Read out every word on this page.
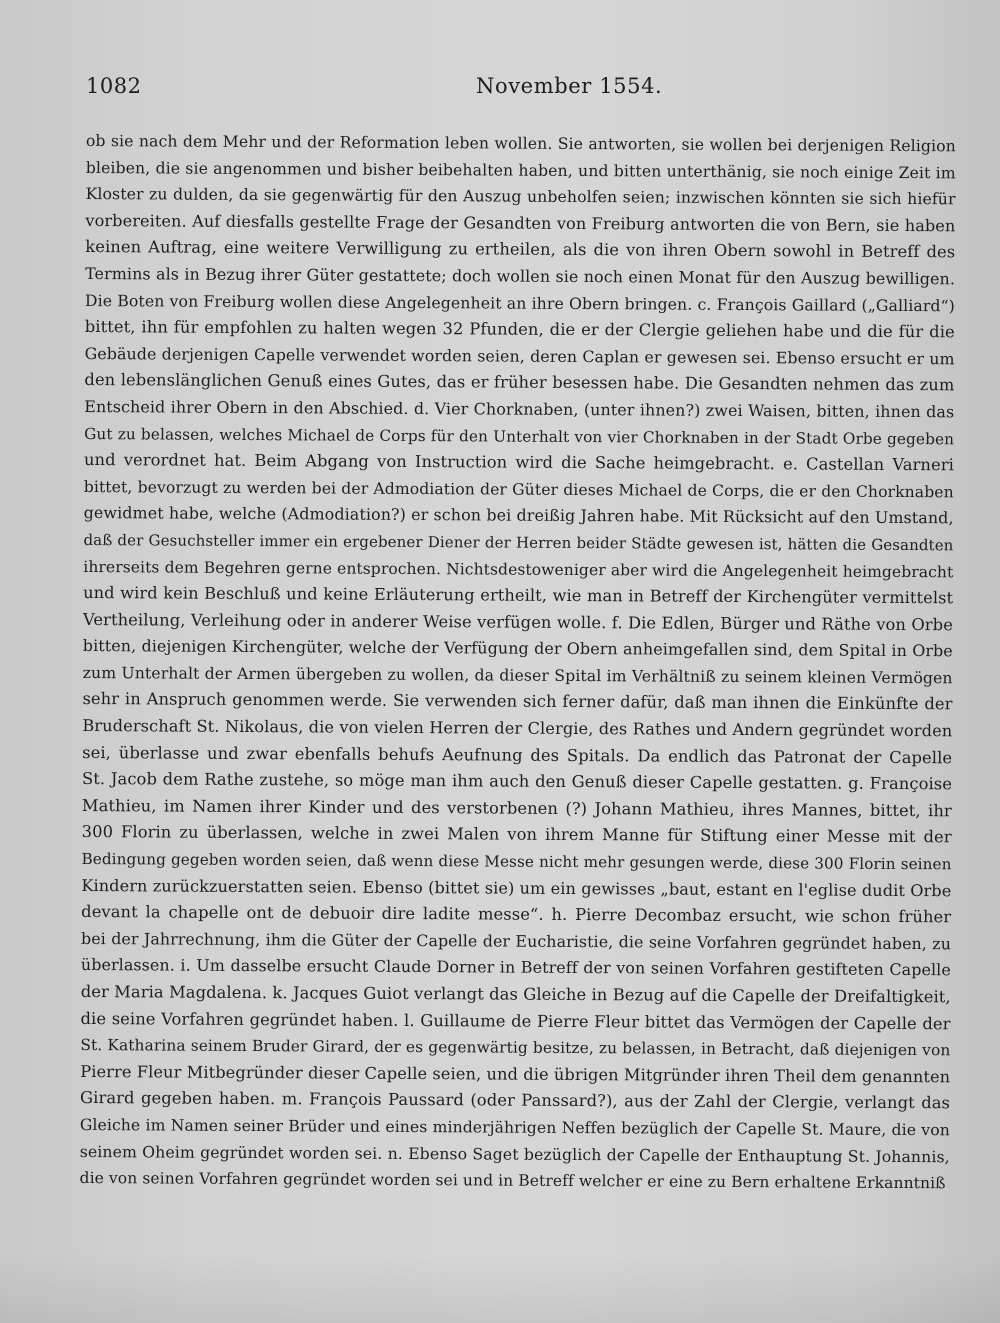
1082	November 1554.
ob sie nach dem Mehr und der Reformation leben wollen. Sie antworten, sie wollen bei derjenigen Religion
bleiben, die sie angenommen und bisher beibehalten haben, und bitten unterthänig, sie noch einige Zeit im
Kloster zu dulden, da sie gegenwärtig für den Auszug unbeholfen seien; inzwischen könnten sie sich hiefür
vorbereiten. Auf diesfalls gestellte Frage der Gesandten von Freiburg antworten die von Bern, sie haben
keinen Auftrag, eine weitere Verwilligung zu ertheilen, als die von ihren Obern sowohl in Betreff des
Termins als in Bezug ihrer Güter gestattete; doch wollen sie noch einen Monat für den Auszug bewilligen.
Die Boten von Freiburg wollen diese Angelegenheit an ihre Obern bringen. c. François Gaillard („Galliard“)
bittet, ihn für empfohlen zu halten wegen 32 Pfunden, die er der Clergie geliehen habe und die für die
Gebäude derjenigen Capelle verwendet worden seien, deren Caplan er gewesen sei. Ebenso ersucht er um
den lebenslänglichen Genuß eines Gutes, das er früher besessen habe. Die Gesandten nehmen das zum
Entscheid ihrer Obern in den Abschied. d. Vier Chorknaben, (unter ihnen?) zwei Waisen, bitten, ihnen das
Gut zu belassen, welches Michael de Corps für den Unterhalt von vier Chorknaben in der Stadt Orbe gegeben
und verordnet hat. Beim Abgang von Instruction wird die Sache heimgebracht. e. Castellan Varneri
bittet, bevorzugt zu werden bei der Admodiation der Güter dieses Michael de Corps, die er den Chorknaben
gewidmet habe, welche (Admodiation?) er schon bei dreißig Jahren habe. Mit Rücksicht auf den Umstand,
daß der Gesuchsteller immer ein ergebener Diener der Herren beider Städte gewesen ist, hätten die Gesandten
ihrerseits dem Begehren gerne entsprochen. Nichtsdestoweniger aber wird die Angelegenheit heimgebracht
und wird kein Beschluß und keine Erläuterung ertheilt, wie man in Betreff der Kirchengüter vermittelst
Vertheilung, Verleihung oder in anderer Weise verfügen wolle. f. Die Edlen, Bürger und Räthe von Orbe
bitten, diejenigen Kirchengüter, welche der Verfügung der Obern anheimgefallen sind, dem Spital in Orbe
zum Unterhalt der Armen übergeben zu wollen, da dieser Spital im Verhältniß zu seinem kleinen Vermögen
sehr in Anspruch genommen werde. Sie verwenden sich ferner dafür, daß man ihnen die Einkünfte der
Bruderschaft St. Nikolaus, die von vielen Herren der Clergie, des Rathes und Andern gegründet worden
sei, überlasse und zwar ebenfalls behufs Aeufnung des Spitals. Da endlich das Patronat der Capelle
St. Jacob dem Rathe zustehe, so möge man ihm auch den Genuß dieser Capelle gestatten. g. Françoise
Mathieu, im Namen ihrer Kinder und des verstorbenen (?) Johann Mathieu, ihres Mannes, bittet, ihr
300 Florin zu überlassen, welche in zwei Malen von ihrem Manne für Stiftung einer Messe mit der
Bedingung gegeben worden seien, daß wenn diese Messe nicht mehr gesungen werde, diese 300 Florin seinen
Kindern zurückzuerstatten seien. Ebenso (bittet sie) um ein gewisses „baut, estant en l'eglise dudit Orbe
devant la chapelle ont de debuoir dire ladite messe“. h. Pierre Decombaz ersucht, wie schon früher
bei der Jahrrechnung, ihm die Güter der Capelle der Eucharistie, die seine Vorfahren gegründet haben, zu
überlassen. i. Um dasselbe ersucht Claude Dorner in Betreff der von seinen Vorfahren gestifteten Capelle
der Maria Magdalena. k. Jacques Guiot verlangt das Gleiche in Bezug auf die Capelle der Dreifaltigkeit,
die seine Vorfahren gegründet haben. l. Guillaume de Pierre Fleur bittet das Vermögen der Capelle der
St. Katharina seinem Bruder Girard, der es gegenwärtig besitze, zu belassen, in Betracht, daß diejenigen von
Pierre Fleur Mitbegründer dieser Capelle seien, und die übrigen Mitgründer ihren Theil dem genannten
Girard gegeben haben. m. François Paussard (oder Panssard?), aus der Zahl der Clergie, verlangt das
Gleiche im Namen seiner Brüder und eines minderjährigen Neffen bezüglich der Capelle St. Maure, die von
seinem Oheim gegründet worden sei. n. Ebenso Saget bezüglich der Capelle der Enthauptung St. Johannis,
die von seinen Vorfahren gegründet worden sei und in Betreff welcher er eine zu Bern erhaltene Erkanntniß
